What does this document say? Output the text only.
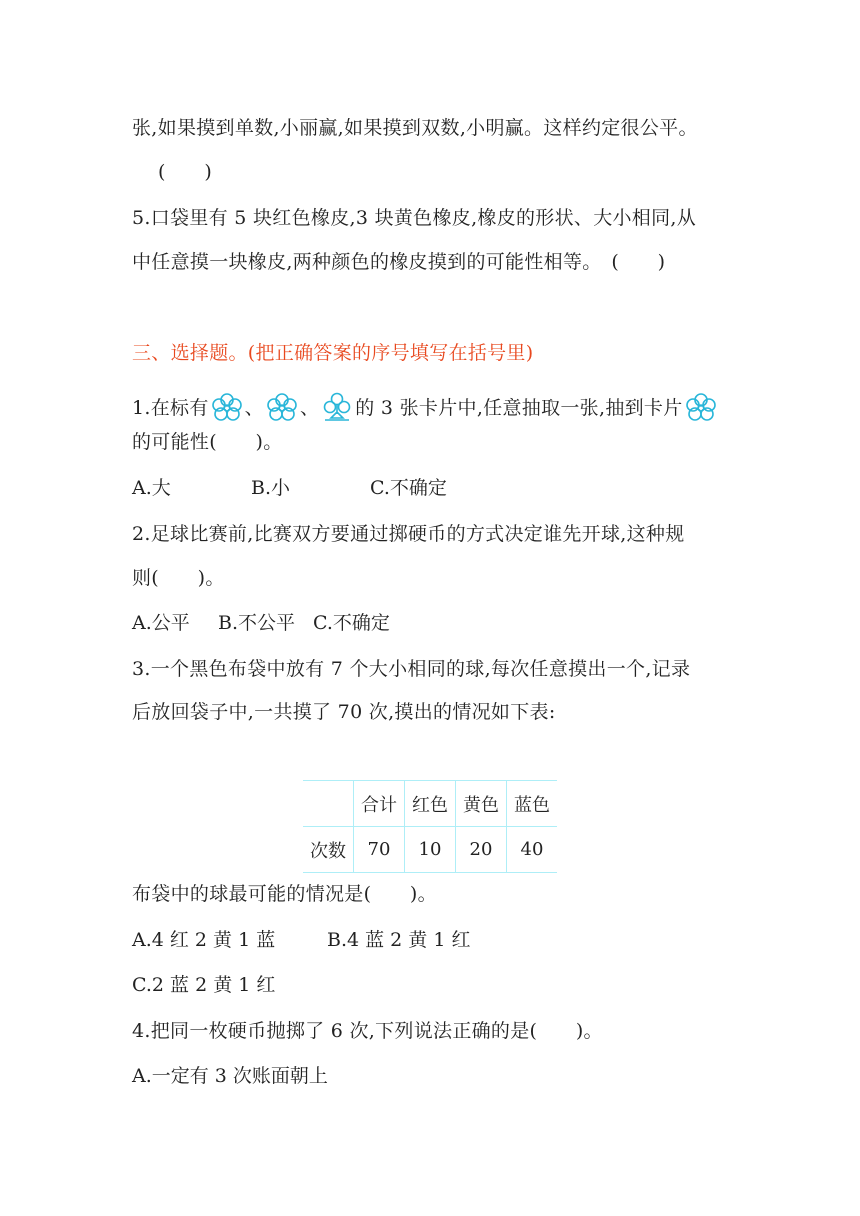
张,如果摸到单数,小丽赢,如果摸到双数,小明赢。这样约定很公平。
(　　)
5.口袋里有 5 块红色橡皮,3 块黄色橡皮,橡皮的形状、大小相同,从
中任意摸一块橡皮,两种颜色的橡皮摸到的可能性相等。　(　　)
三、选择题。(把正确答案的序号填写在括号里)
1.在标有 、 、 的 3 张卡片中,任意抽取一张,抽到卡片
的可能性(　　)。
A.大	B.小	C.不确定
2.足球比赛前,比赛双方要通过掷硬币的方式决定谁先开球,这种规
则(　　)。
A.公平 B.不公平 C.不确定
3.一个黑色布袋中放有 7 个大小相同的球,每次任意摸出一个,记录
后放回袋子中,一共摸了 70 次,摸出的情况如下表:
	合计	红色	黄色	蓝色
次数	70	10	20	40
布袋中的球最可能的情况是(　　)。
A.4 红 2 黄 1 蓝	B.4 蓝 2 黄 1 红
C.2 蓝 2 黄 1 红
4.把同一枚硬币抛掷了 6 次,下列说法正确的是(　　)。
A.一定有 3 次账面朝上
